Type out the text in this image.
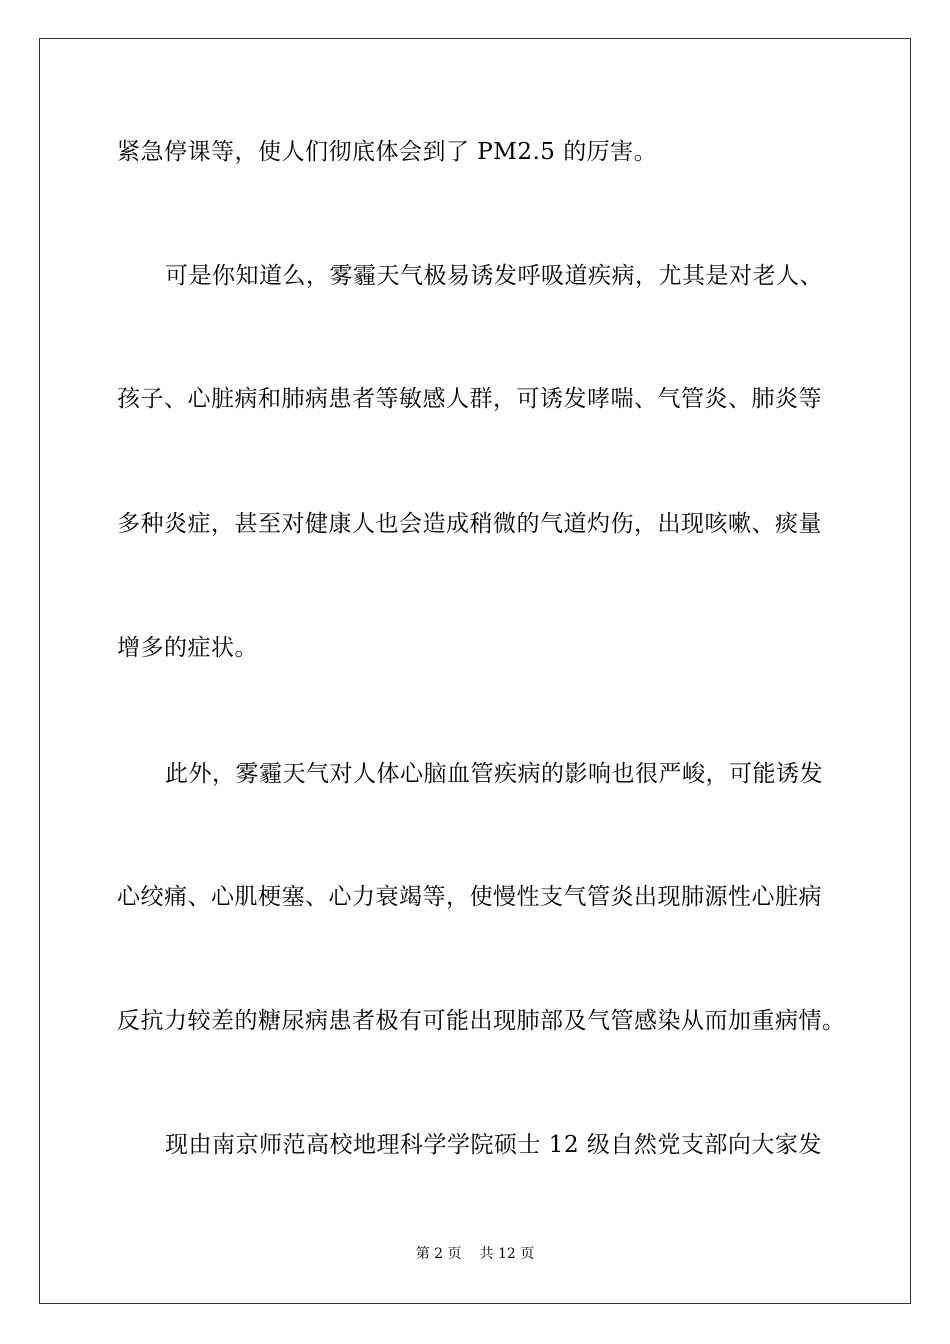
紧急停课等，使人们彻底体会到了 PM2.5 的厉害。
可是你知道么，雾霾天气极易诱发呼吸道疾病，尤其是对老人、
孩子、心脏病和肺病患者等敏感人群，可诱发哮喘、气管炎、肺炎等
多种炎症，甚至对健康人也会造成稍微的气道灼伤，出现咳嗽、痰量
增多的症状。
此外，雾霾天气对人体心脑血管疾病的影响也很严峻，可能诱发
心绞痛、心肌梗塞、心力衰竭等，使慢性支气管炎出现肺源性心脏病
反抗力较差的糖尿病患者极有可能出现肺部及气管感染从而加重病情。
现由南京师范高校地理科学学院硕士 12 级自然党支部向大家发
第 2 页 共 12 页
